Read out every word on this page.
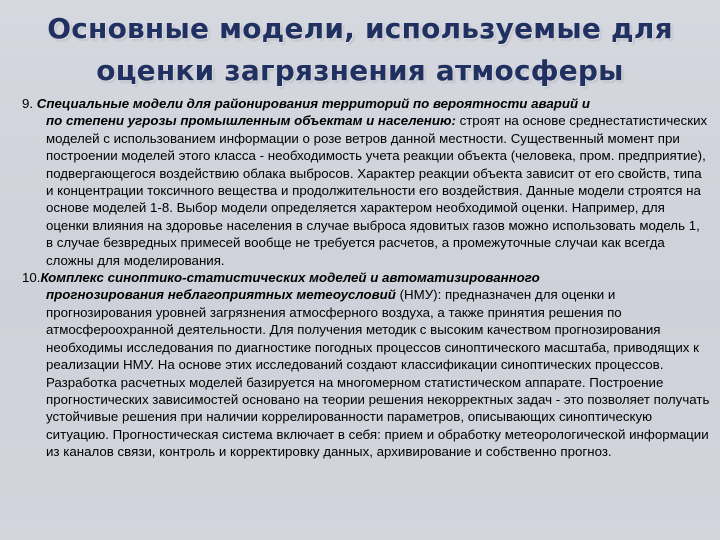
Основные модели, используемые для
оценки загрязнения атмосферы

9. Специальные модели для районирования территорий по вероятности аварий и
по степени угрозы промышленным объектам и населению: строят на основе среднестатистических моделей с использованием информации о розе ветров данной местности. Существенный момент при построении моделей этого класса - необходимость учета реакции объекта (человека, пром. предприятие), подвергающегося воздействию облака выбросов. Характер реакции объекта зависит от его свойств, типа и концентрации токсичного вещества и продолжительности его воздействия. Данные модели строятся на основе моделей 1-8. Выбор модели определяется характером необходимой оценки. Например, для оценки влияния на здоровье населения в случае выброса ядовитых газов можно использовать модель 1, в случае безвредных примесей вообще не требуется расчетов, а промежуточные случаи как всегда сложны для моделирования.

10.Комплекс синоптико-статистических моделей и автоматизированного
прогнозирования неблагоприятных метеоусловий (НМУ): предназначен для оценки и прогнозирования уровней загрязнения атмосферного воздуха, а также принятия решения по атмосфероохранной деятельности. Для получения методик с высоким качеством прогнозирования необходимы исследования по диагностике погодных процессов синоптического масштаба, приводящих к реализации НМУ. На основе этих исследований создают классификации синоптических процессов. Разработка расчетных моделей базируется на многомерном статистическом аппарате. Построение прогностических зависимостей основано на теории решения некорректных задач - это позволяет получать устойчивые решения при наличии коррелированности параметров, описывающих синоптическую ситуацию. Прогностическая система включает в себя: прием и обработку метеорологической информации из каналов связи, контроль и корректировку данных, архивирование и собственно прогноз.
